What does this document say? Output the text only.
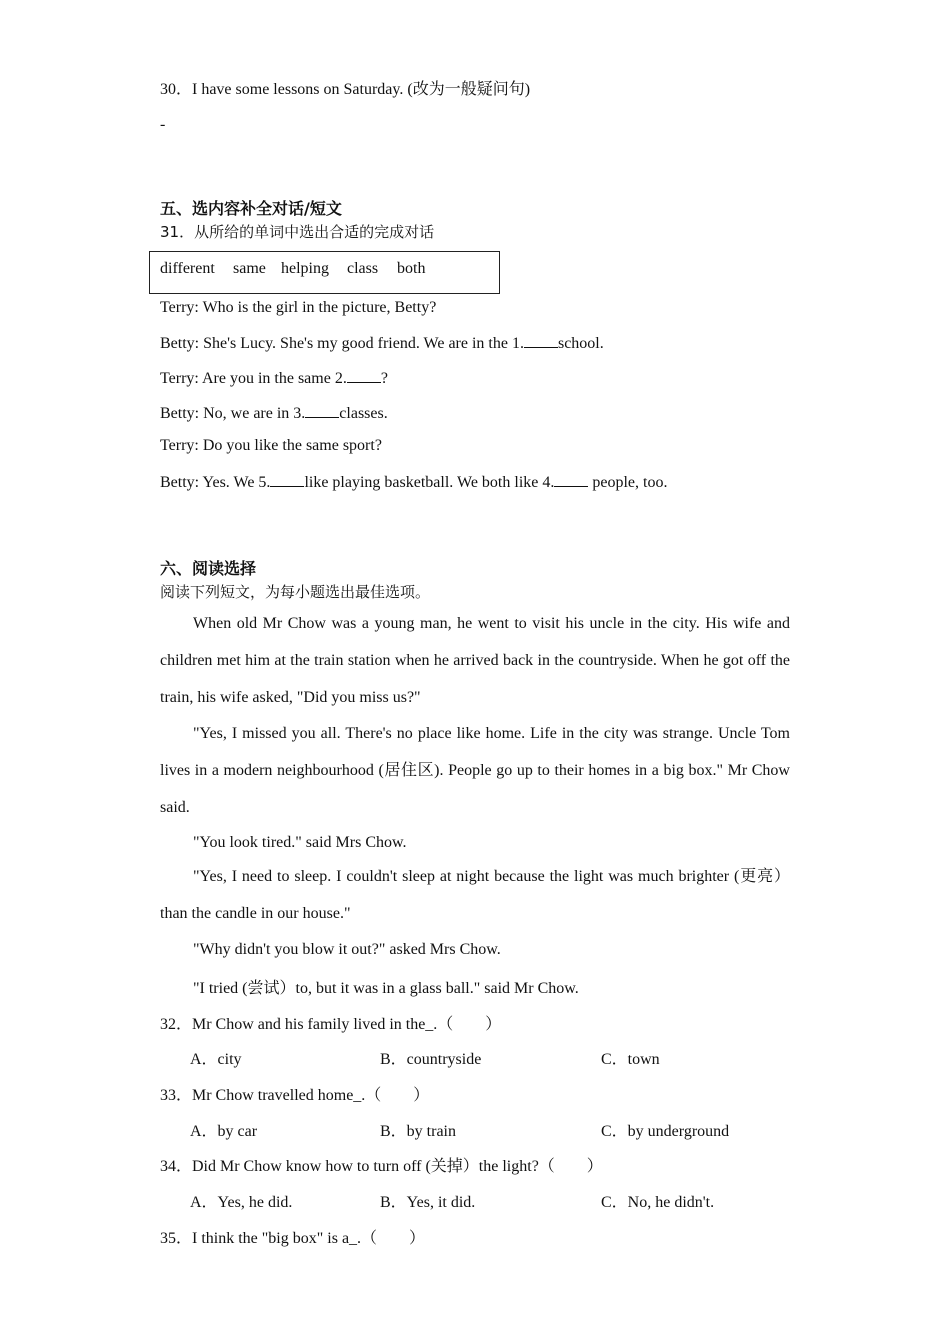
30．I have some lessons on Saturday. (改为一般疑问句)
-
五、选内容补全对话/短文
31．从所给的单词中选出合适的完成对话
different same helping class both
Terry: Who is the girl in the picture, Betty?
Betty: She's Lucy. She's my good friend. We are in the 1. school.
Terry: Are you in the same 2. ?
Betty: No, we are in 3. classes.
Terry: Do you like the same sport?
Betty: Yes. We 5. like playing basketball. We both like 4. people, too.
六、阅读选择
阅读下列短文，为每小题选出最佳选项。
When old Mr Chow was a young man, he went to visit his uncle in the city. His wife and children met him at the train station when he arrived back in the countryside. When he got off the train, his wife asked, "Did you miss us?"
"Yes, I missed you all. There's no place like home. Life in the city was strange. Uncle Tom lives in a modern neighbourhood (居住区). People go up to their homes in a big box." Mr Chow said.
"You look tired." said Mrs Chow.
"Yes, I need to sleep. I couldn't sleep at night because the light was much brighter (更亮）than the candle in our house."
"Why didn't you blow it out?" asked Mrs Chow.
"I tried (尝试）to, but it was in a glass ball." said Mr Chow.
32．Mr Chow and his family lived in the_.（　　）
A．city	B．countryside	C．town
33．Mr Chow travelled home_.（　　）
A．by car	B．by train	C．by underground
34．Did Mr Chow know how to turn off (关掉）the light?（　　）
A．Yes, he did.	B．Yes, it did.	C．No, he didn't.
35．I think the "big box" is a_.（　　）
